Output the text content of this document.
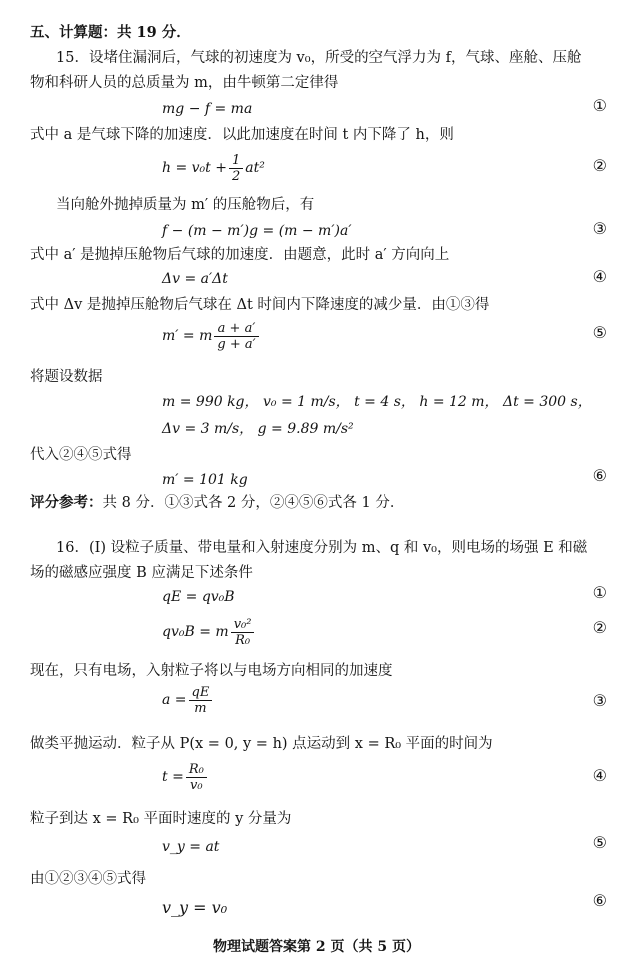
五、计算题：共 19 分．
15．设堵住漏洞后，气球的初速度为 v₀，所受的空气浮力为 f，气球、座舱、压舱
物和科研人员的总质量为 m，由牛顿第二定律得
mg − f = ma	①
式中 a 是气球下降的加速度．以此加速度在时间 t 内下降了 h，则
$h = v_0t + \frac{1}{2} at^2$	②
当向舱外抛掉质量为 m′ 的压舱物后，有
f − (m − m′)g = (m − m′)a′	③
式中 a′ 是抛掉压舱物后气球的加速度．由题意，此时 a′ 方向向上
Δv = a′Δt	④
式中 Δv 是抛掉压舱物后气球在 Δt 时间内下降速度的减少量．由①③得
m′ = m $\frac{a + a'}{g + a'}$	⑤
将题设数据
m = 990 kg， v₀ = 1 m/s， t = 4 s， h = 12 m， Δt = 300 s，
Δv = 3 m/s， g = 9.89 m/s²
代入②④⑤式得
m′ = 101 kg	⑥
评分参考：共 8 分．①③式各 2 分，②④⑤⑥式各 1 分．
16．(Ⅰ) 设粒子质量、带电量和入射速度分别为 m、q 和 v₀，则电场的场强 E 和磁
场的磁感应强度 B 应满足下述条件
qE = qv₀B	①
qv₀B = m $\frac{\text{v₀²}}{\text{R₀}}$	②
现在，只有电场，入射粒子将以与电场方向相同的加速度
$a = \frac{qE}{m}$	③
做类平抛运动．粒子从 P(x = 0, y = h) 点运动到 x = R₀ 平面的时间为
$t = \frac{\text{R₀}}{\text{v₀}}$	④
粒子到达 x = R₀ 平面时速度的 y 分量为
v_y = at	⑤
由①②③④⑤式得
v_y = v₀	⑥
物理试题答案第 2 页（共 5 页）
